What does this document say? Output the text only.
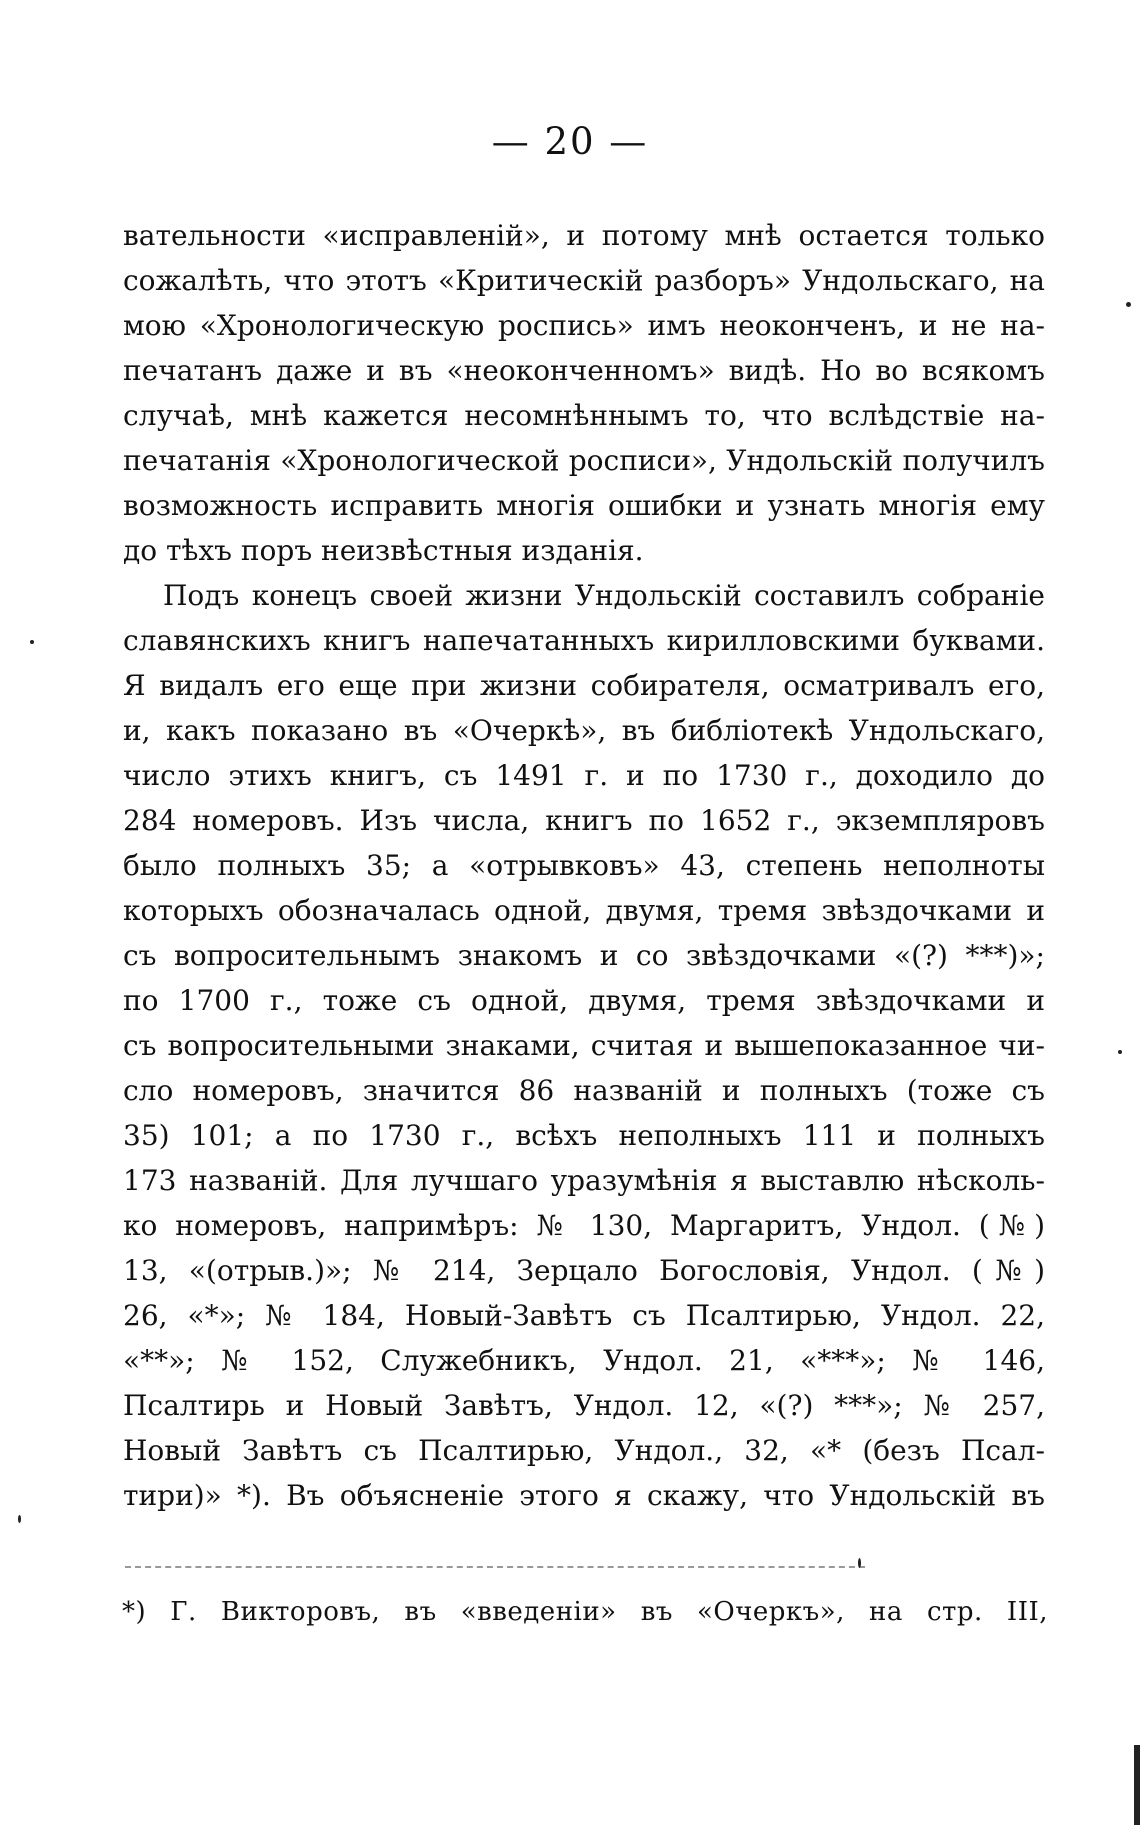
— 20 —
вательности «исправленій», и потому мнѣ остается только
сожалѣть, что этотъ «Критическій разборъ» Ундольскаго, на
мою «Хронологическую роспись» имъ неоконченъ, и не на-
печатанъ даже и въ «неоконченномъ» видѣ. Но во всякомъ
случаѣ, мнѣ кажется несомнѣннымъ то, что вслѣдствіе на-
печатанія «Хронологической росписи», Ундольскій получилъ
возможность исправить многія ошибки и узнать многія ему
до тѣхъ поръ неизвѣстныя изданія.
Подъ конецъ своей жизни Ундольскій составилъ собраніе
славянскихъ книгъ напечатанныхъ кирилловскими буквами.
Я видалъ его еще при жизни собирателя, осматривалъ его,
и, какъ показано въ «Очеркѣ», въ библіотекѣ Ундольскаго,
число этихъ книгъ, съ 1491 г. и по 1730 г., доходило до
284 номеровъ. Изъ числа, книгъ по 1652 г., экземпляровъ
было полныхъ 35; а «отрывковъ» 43, степень неполноты
которыхъ обозначалась одной, двумя, тремя звѣздочками и
съ вопросительнымъ знакомъ и со звѣздочками «(?) ***)»;
по 1700 г., тоже съ одной, двумя, тремя звѣздочками и
съ вопросительными знаками, считая и вышепоказанное чи-
сло номеровъ, значится 86 названій и полныхъ (тоже съ
35) 101; а по 1730 г., всѣхъ неполныхъ 111 и полныхъ
173 названій. Для лучшаго уразумѣнія я выставлю нѣсколь-
ко номеровъ, напримѣръ: № 130, Маргаритъ, Ундол. (№)
13, «(отрыв.)»; № 214, Зерцало Богословія, Ундол. (№)
26, «*»; № 184, Новый-Завѣтъ съ Псалтирью, Ундол. 22,
«**»; № 152, Служебникъ, Ундол. 21, «***»; № 146,
Псалтирь и Новый Завѣтъ, Ундол. 12, «(?) ***»; № 257,
Новый Завѣтъ съ Псалтирью, Ундол., 32, «* (безъ Псал-
тири)» *). Въ объясненіе этого я скажу, что Ундольскій въ
*) Г. Викторовъ, въ «введеніи» въ «Очеркъ», на стр. III,
